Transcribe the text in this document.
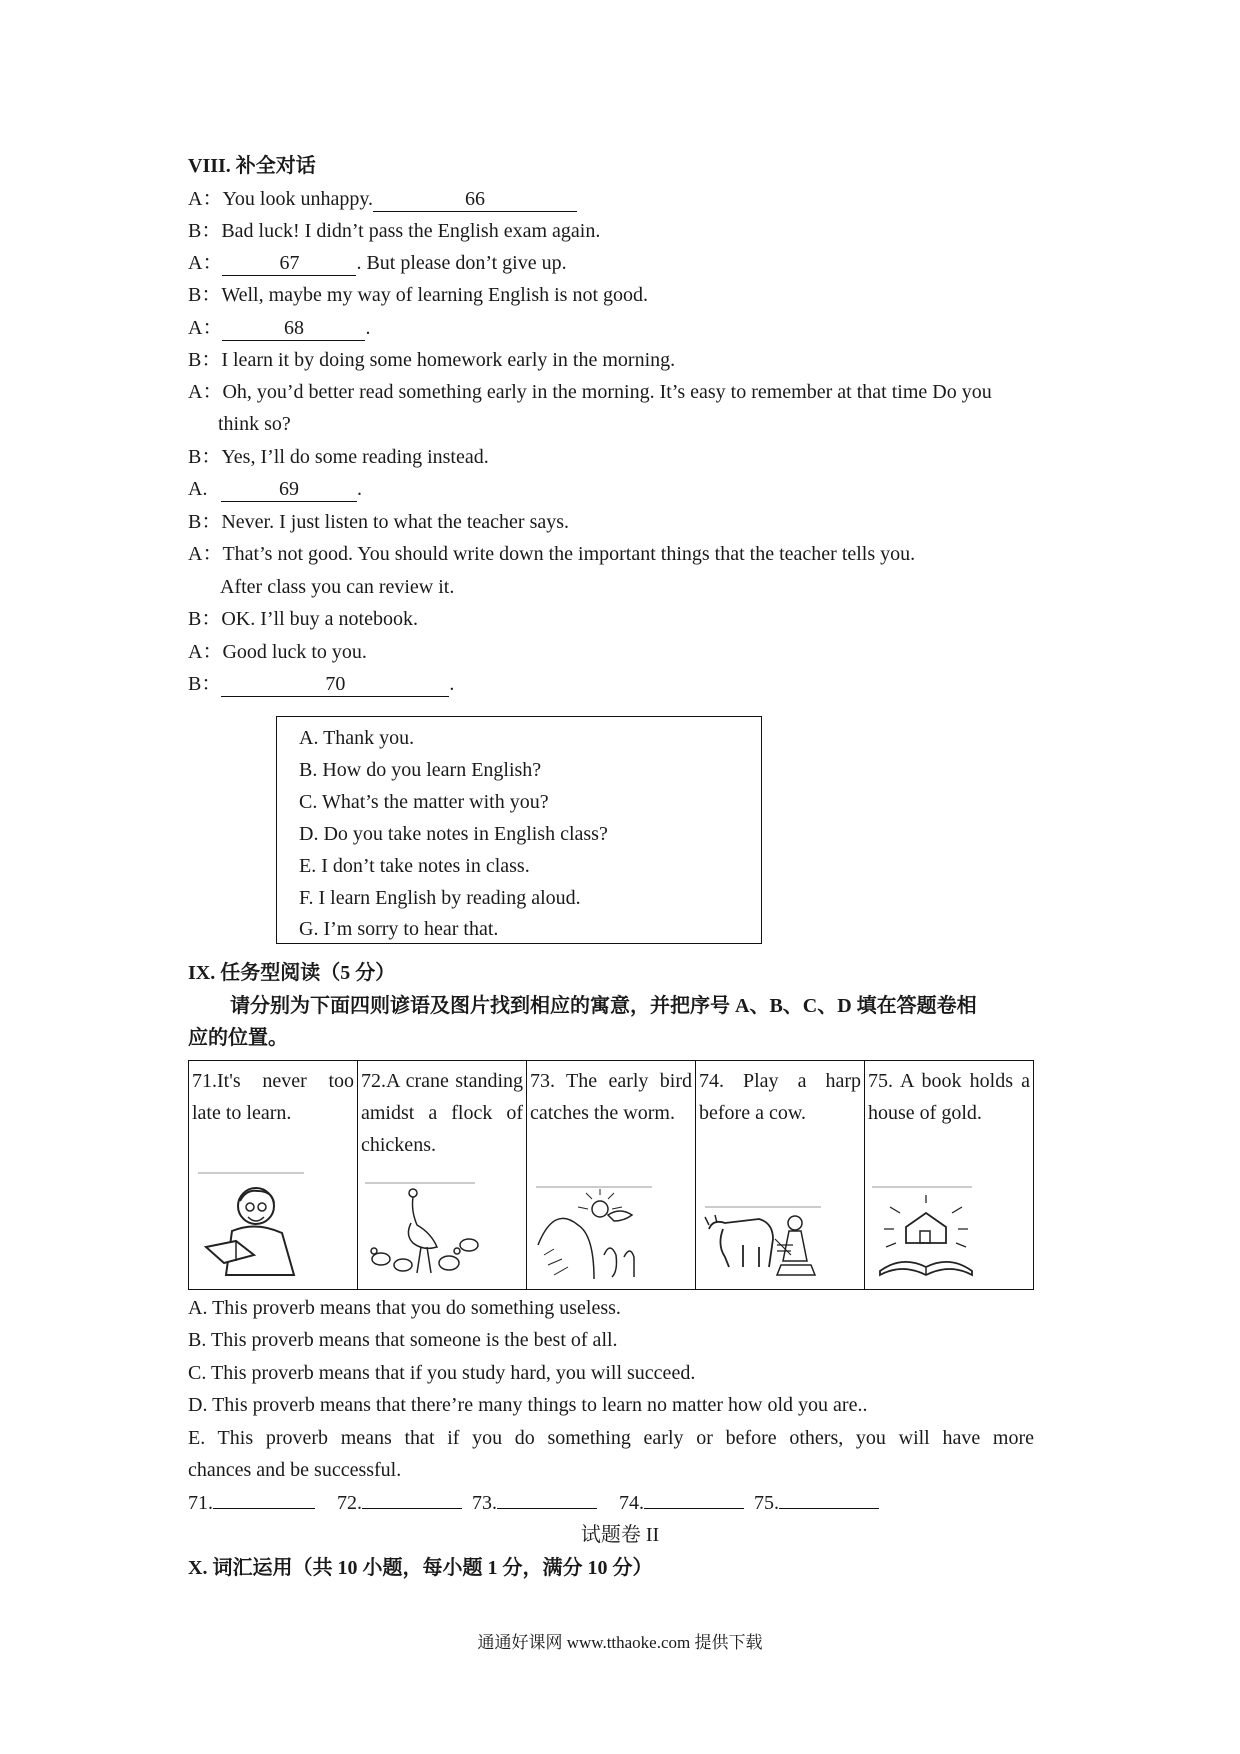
VIII. 补全对话
A：You look unhappy.	66
B：Bad luck! I didn’t pass the English exam again.
A：	67	. But please don’t give up.
B：Well, maybe my way of learning English is not good.
A：	68	.
B：I learn it by doing some homework early in the morning.
A：Oh, you’d better read something early in the morning. It’s easy to remember at that time Do you
think so?
B：Yes, I’ll do some reading instead.
A.	69	.
B：Never. I just listen to what the teacher says.
A：That’s not good. You should write down the important things that the teacher tells you.
After class you can review it.
B：OK. I’ll buy a notebook.
A：Good luck to you.
B：	70	.
A. Thank you.
B. How do you learn English?
C. What’s the matter with you?
D. Do you take notes in English class?
E. I don’t take notes in class.
F. I learn English by reading aloud.
G. I’m sorry to hear that.
IX. 任务型阅读（5 分）
请分别为下面四则谚语及图片找到相应的寓意，并把序号 A、B、C、D 填在答题卷相
应的位置。
71.It's never too late to learn.

72.A crane standing amidst a flock of chickens.

73. The early bird catches the worm.

74. Play a harp before a cow.

75. A book holds a house of gold.
A. This proverb means that you do something useless.
B. This proverb means that someone is the best of all.
C. This proverb means that if you study hard, you will succeed.
D. This proverb means that there’re many things to learn no matter how old you are..
E. This proverb means that if you do something early or before others, you will have more
chances and be successful.
71.	72.	73.	74.	75.
试题卷 II
X. 词汇运用（共 10 小题，每小题 1 分，满分 10 分）
通通好课网 www.tthaoke.com 提供下载
